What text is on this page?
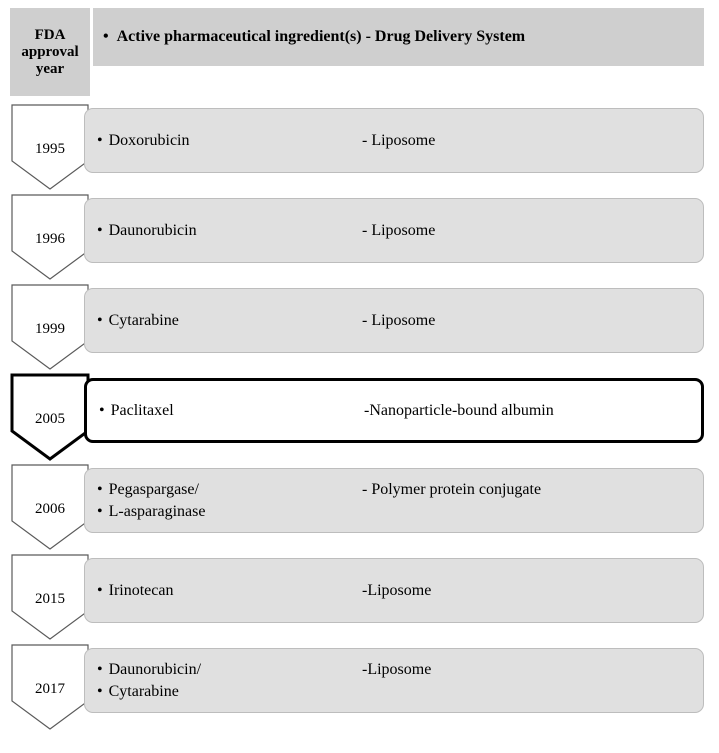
FDA
approval
year
• Active pharmaceutical ingredient(s) - Drug Delivery System
1995
• Doxorubicin	- Liposome
1996
• Daunorubicin	- Liposome
1999
• Cytarabine	- Liposome
2005
• Paclitaxel	-Nanoparticle-bound albumin
2006
• Pegaspargase/
• L-asparaginase
- Polymer protein conjugate
2015
• Irinotecan	-Liposome
2017
• Daunorubicin/
• Cytarabine
-Liposome
